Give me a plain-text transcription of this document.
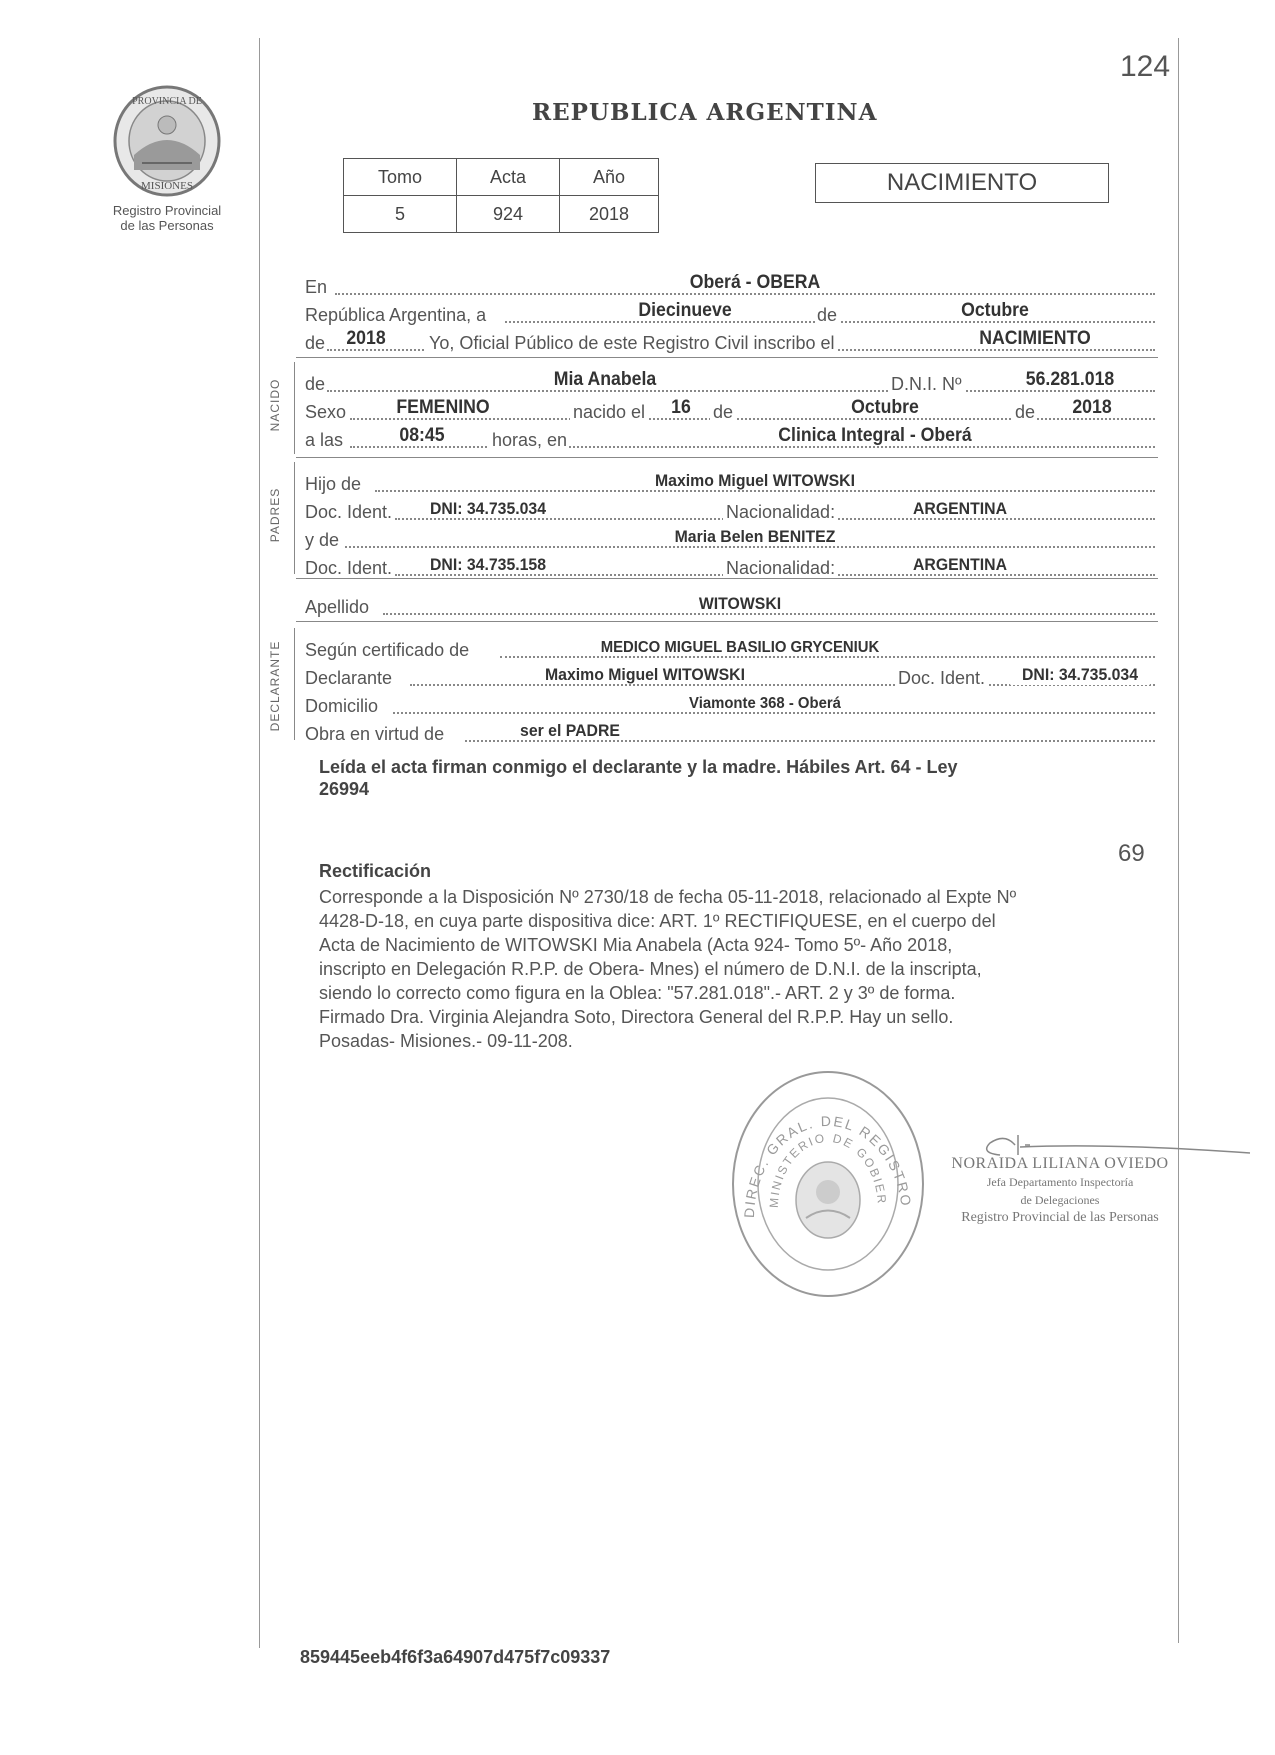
124
PROVINCIA DE
MISIONES
Registro Provincial
de las Personas
REPUBLICA ARGENTINA
Tomo	Acta	Año
5	924	2018
NACIMIENTO
En	Oberá - OBERA
República Argentina, a	Diecinueve	de	Octubre
de	2018	Yo, Oficial Público de este Registro Civil inscribo el	NACIMIENTO
NACIDO de	Mia Anabela	D.N.I. Nº	56.281.018
Sexo	FEMENINO	nacido el	16	de	Octubre	de	2018
a las	08:45	horas, en	Clinica Integral - Oberá
PADRES
Hijo de	Maximo Miguel WITOWSKI
Doc. Ident.	DNI: 34.735.034	Nacionalidad:	ARGENTINA
y de	Maria Belen BENITEZ
Doc. Ident.	DNI: 34.735.158	Nacionalidad:	ARGENTINA
Apellido	WITOWSKI
DECLARANTE Según certificado de	MEDICO MIGUEL BASILIO GRYCENIUK
Declarante	Maximo Miguel WITOWSKI	Doc. Ident.	DNI: 34.735.034
Domicilio	Viamonte 368 - Oberá
Obra en virtud de	ser el PADRE
Leída el acta firman conmigo el declarante y la madre. Hábiles Art. 64 - Ley
26994
69
Rectificación
Corresponde a la Disposición Nº 2730/18 de fecha 05-11-2018, relacionado al Expte Nº
4428-D-18, en cuya parte dispositiva dice: ART. 1º RECTIFIQUESE, en el cuerpo del
Acta de Nacimiento de WITOWSKI Mia Anabela (Acta 924- Tomo 5º- Año 2018,
inscripto en Delegación R.P.P. de Obera- Mnes) el número de D.N.I. de la inscripta,
siendo lo correcto como figura en la Oblea: "57.281.018".- ART. 2 y 3º de forma.
Firmado Dra. Virginia Alejandra Soto, Directora General del R.P.P. Hay un sello.
Posadas- Misiones.- 09-11-208.
DIREC. GRAL. DEL REGISTRO
MINISTERIO DE GOBIER
NORAIDA LILIANA OVIEDO
Jefa Departamento Inspectoría
de Delegaciones
Registro Provincial de las Personas
859445eeb4f6f3a64907d475f7c09337
